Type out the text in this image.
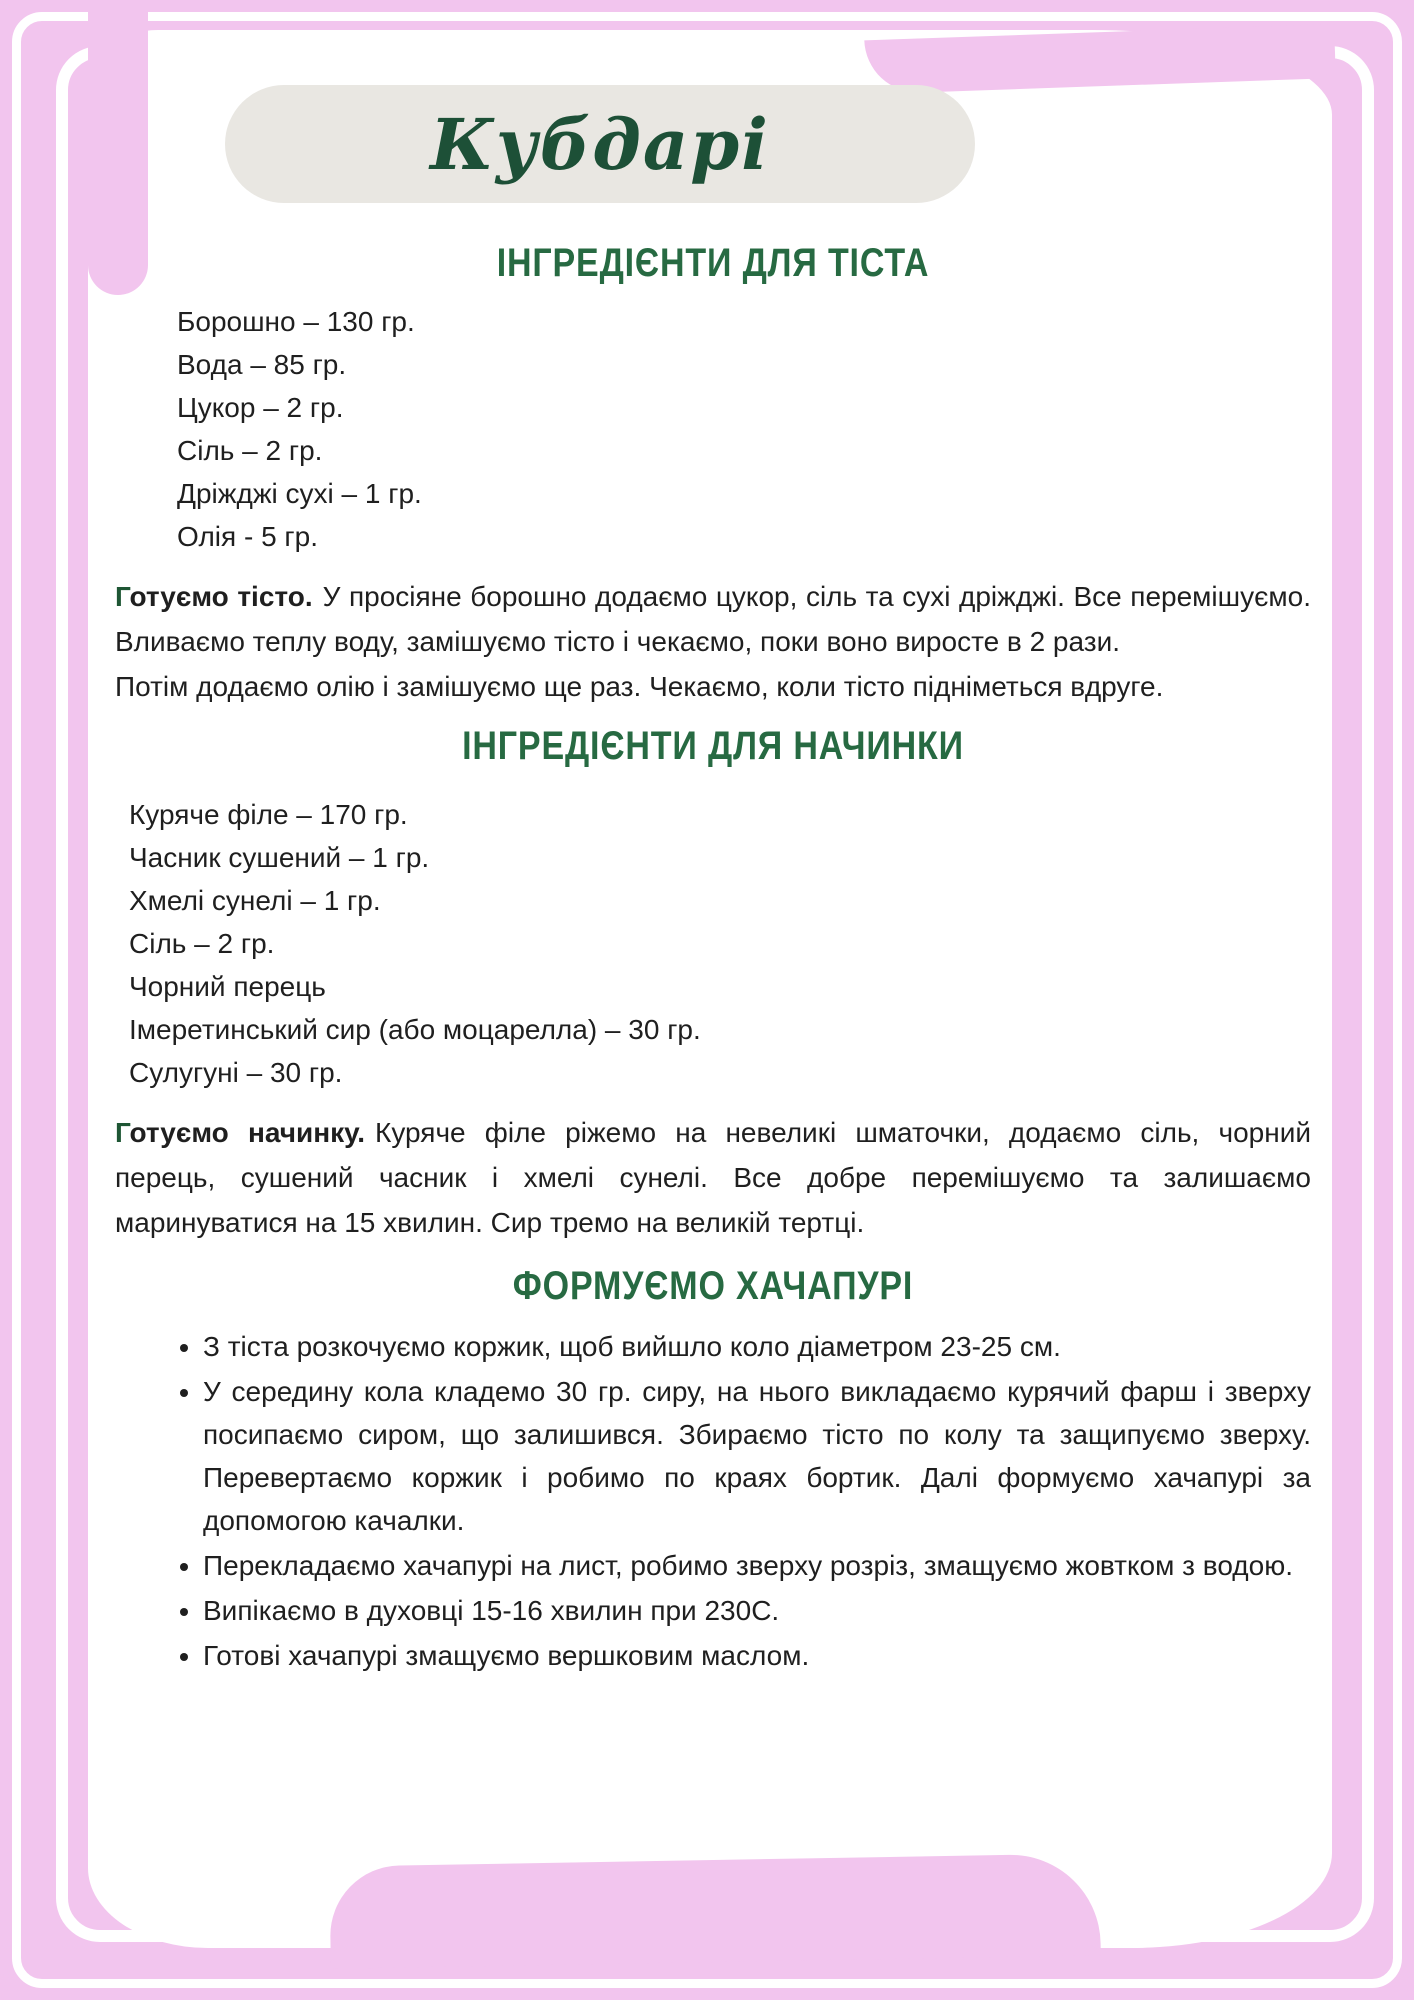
Кубдарі
ІНГРЕДІЄНТИ ДЛЯ ТІСТА
Борошно – 130 гр.
Вода – 85 гр.
Цукор – 2 гр.
Сіль – 2 гр.
Дріжджі сухі – 1 гр.
Олія - 5 гр.

Готуємо тісто. У просіяне борошно додаємо цукор, сіль та сухі дріжджі. Все перемішуємо. Вливаємо теплу воду, замішуємо тісто і чекаємо, поки воно виросте в 2 рази.

Потім додаємо олію і замішуємо ще раз. Чекаємо, коли тісто підніметься вдруге.

ІНГРЕДІЄНТИ ДЛЯ НАЧИНКИ
Куряче філе – 170 гр.
Часник сушений – 1 гр.
Хмелі сунелі – 1 гр.
Сіль – 2 гр.
Чорний перець
Імеретинський сир (або моцарелла) – 30 гр.
Сулугуні – 30 гр.

Готуємо начинку. Куряче філе ріжемо на невеликі шматочки, додаємо сіль, чорний перець, сушений часник і хмелі сунелі. Все добре перемішуємо та залишаємо маринуватися на 15 хвилин. Сир тремо на великій тертці.

ФОРМУЄМО ХАЧАПУРІ
• З тіста розкочуємо коржик, щоб вийшло коло діаметром 23-25 см.
• У середину кола кладемо 30 гр. сиру, на нього викладаємо курячий фарш і зверху посипаємо сиром, що залишився. Збираємо тісто по колу та защипуємо зверху. Перевертаємо коржик і робимо по краях бортик. Далі формуємо хачапурі за допомогою качалки.
• Перекладаємо хачапурі на лист, робимо зверху розріз, змащуємо жовтком з водою.
• Випікаємо в духовці 15-16 хвилин при 230С.
• Готові хачапурі змащуємо вершковим маслом.
